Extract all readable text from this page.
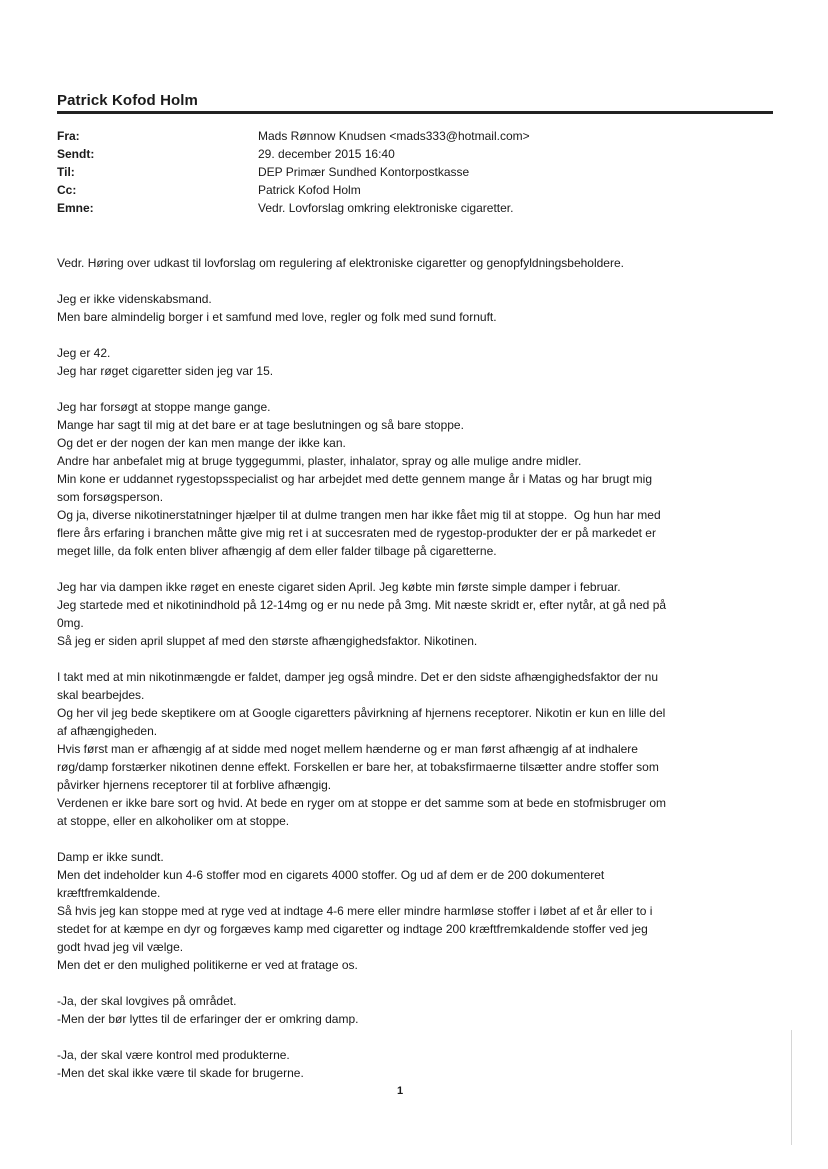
Patrick Kofod Holm
Fra:	Mads Rønnow Knudsen <mads333@hotmail.com>
Sendt:	29. december 2015 16:40
Til:	DEP Primær Sundhed Kontorpostkasse
Cc:	Patrick Kofod Holm
Emne:	Vedr. Lovforslag omkring elektroniske cigaretter.
Vedr. Høring over udkast til lovforslag om regulering af elektroniske cigaretter og genopfyldningsbeholdere.
Jeg er ikke videnskabsmand.
Men bare almindelig borger i et samfund med love, regler og folk med sund fornuft.
Jeg er 42.
Jeg har røget cigaretter siden jeg var 15.
Jeg har forsøgt at stoppe mange gange.
Mange har sagt til mig at det bare er at tage beslutningen og så bare stoppe.
Og det er der nogen der kan men mange der ikke kan.
Andre har anbefalet mig at bruge tyggegummi, plaster, inhalator, spray og alle mulige andre midler.
Min kone er uddannet rygestopsspecialist og har arbejdet med dette gennem mange år i Matas og har brugt mig
som forsøgsperson.
Og ja, diverse nikotinerstatninger hjælper til at dulme trangen men har ikke fået mig til at stoppe.  Og hun har med
flere års erfaring i branchen måtte give mig ret i at succesraten med de rygestop-produkter der er på markedet er
meget lille, da folk enten bliver afhængig af dem eller falder tilbage på cigaretterne.
Jeg har via dampen ikke røget en eneste cigaret siden April. Jeg købte min første simple damper i februar.
Jeg startede med et nikotinindhold på 12-14mg og er nu nede på 3mg. Mit næste skridt er, efter nytår, at gå ned på
0mg.
Så jeg er siden april sluppet af med den største afhængighedsfaktor. Nikotinen.
I takt med at min nikotinmængde er faldet, damper jeg også mindre. Det er den sidste afhængighedsfaktor der nu
skal bearbejdes.
Og her vil jeg bede skeptikere om at Google cigaretters påvirkning af hjernens receptorer. Nikotin er kun en lille del
af afhængigheden.
Hvis først man er afhængig af at sidde med noget mellem hænderne og er man først afhængig af at indhalere
røg/damp forstærker nikotinen denne effekt. Forskellen er bare her, at tobaksfirmaerne tilsætter andre stoffer som
påvirker hjernens receptorer til at forblive afhængig.
Verdenen er ikke bare sort og hvid. At bede en ryger om at stoppe er det samme som at bede en stofmisbruger om
at stoppe, eller en alkoholiker om at stoppe.
Damp er ikke sundt.
Men det indeholder kun 4-6 stoffer mod en cigarets 4000 stoffer. Og ud af dem er de 200 dokumenteret
kræftfremkaldende.
Så hvis jeg kan stoppe med at ryge ved at indtage 4-6 mere eller mindre harmløse stoffer i løbet af et år eller to i
stedet for at kæmpe en dyr og forgæves kamp med cigaretter og indtage 200 kræftfremkaldende stoffer ved jeg
godt hvad jeg vil vælge.
Men det er den mulighed politikerne er ved at fratage os.
-Ja, der skal lovgives på området.
-Men der bør lyttes til de erfaringer der er omkring damp.
-Ja, der skal være kontrol med produkterne.
-Men det skal ikke være til skade for brugerne.
1
